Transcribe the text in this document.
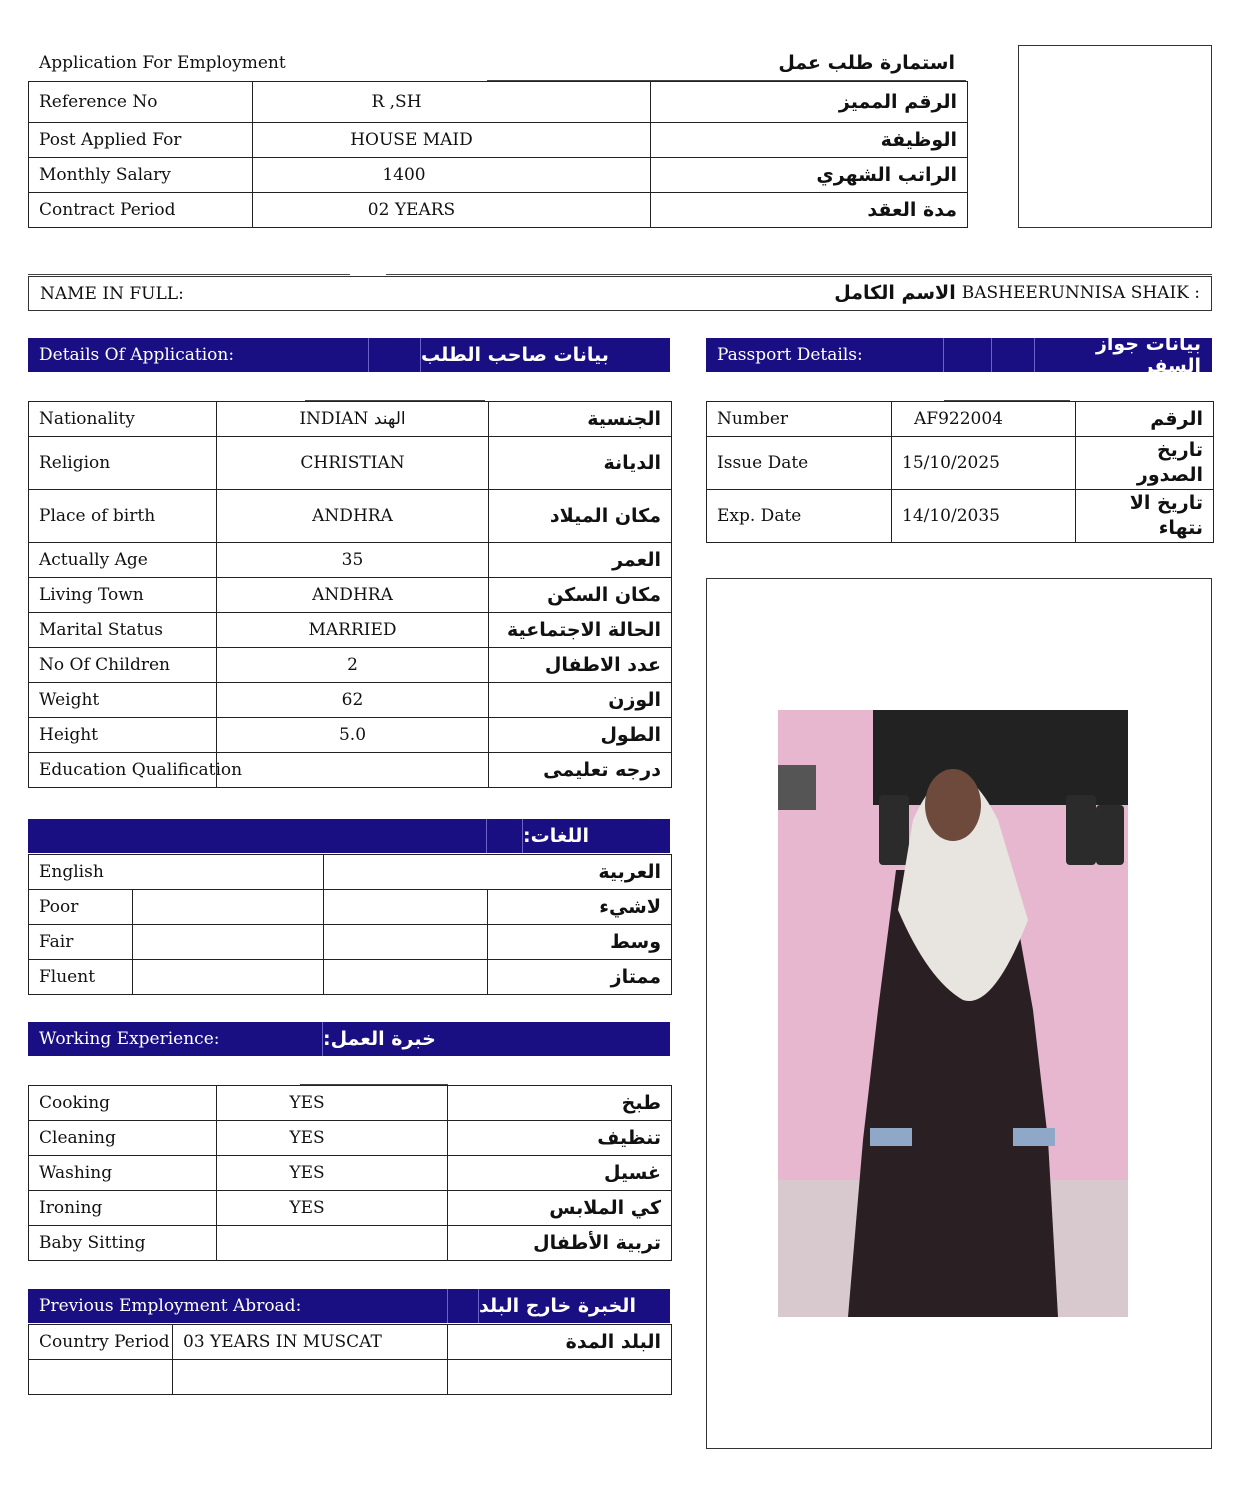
Application For Employment	استمارة طلب عمل
Reference No	R ,SH	الرقم المميز
Post Applied For	HOUSE MAID	الوظيفة
Monthly Salary	1400	الراتب الشهري
Contract Period	02 YEARS	مدة العقد
NAME IN FULL:	الاسم الكامل BASHEERUNNISA SHAIK :
Details Of Application:	بيانات صاحب الطلب	Passport Details:	بيانات جواز السفر
Nationality	INDIAN الهند	الجنسية
Religion	CHRISTIAN	الديانة
Place of birth	ANDHRA	مكان الميلاد
Actually Age	35	العمر
Living Town	ANDHRA	مكان السكن
Marital Status	MARRIED	الحالة الاجتماعية
No Of Children	2	عدد الاطفال
Weight	62	الوزن
Height	5.0	الطول
Education Qualification		درجه تعليمى
Number	AF922004	الرقم
Issue Date	15/10/2025	تاريخ الصدور
Exp. Date	14/10/2035	تاريخ الا نتهاء
اللغات:
English			العربية
Poor			لاشيء
Fair			وسط
Fluent			ممتاز
Working Experience:	خبرة العمل:
Cooking	YES	طبخ
Cleaning	YES	تنظيف
Washing	YES	غسيل
Ironing	YES	كي الملابس
Baby Sitting		تربية الأطفال
Previous Employment Abroad:	الخبرة خارج البلد
Country Period	03 YEARS IN MUSCAT	البلد المدة
